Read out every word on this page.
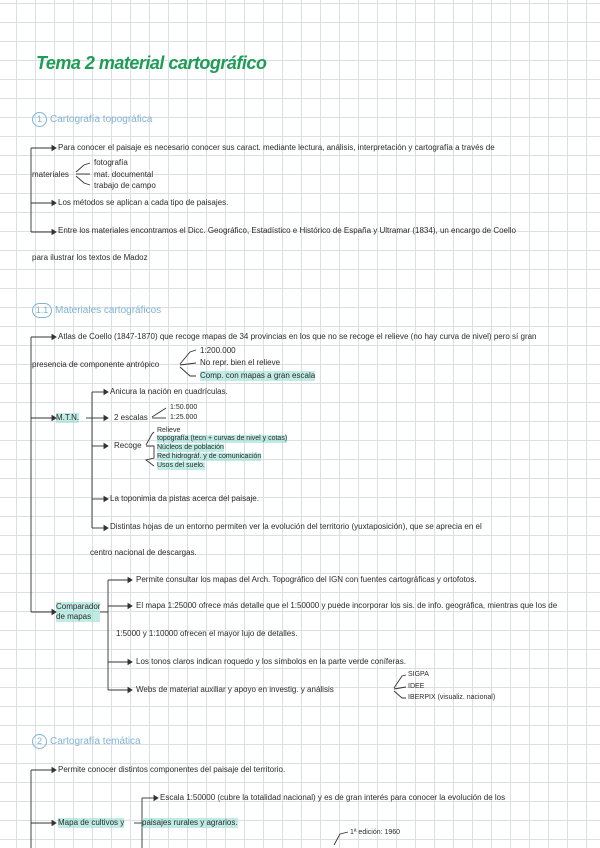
Tema 2 material cartográfico
1 Cartografía topográfica
Para conocer el paisaje es necesario conocer sus caract. mediante lectura, análisis, interpretación y cartografía a través de
materiales
fotografía
mat. documental
trabajo de campo
Los métodos se aplican a cada tipo de paisajes.
Entre los materiales encontramos el Dicc. Geográfico, Estadístico e Histórico de España y Ultramar (1834), un encargo de Coello
para ilustrar los textos de Madoz
1.1 Materiales cartográficos
Atlas de Coello (1847-1870) que recoge mapas de 34 provincias en los que no se recoge el relieve (no hay curva de nivel) pero sí gran
presencia de componente antrópico
1:200.000
No repr. bien el relieve
Comp. con mapas a gran escala
M.T.N.
Anicura la nación en cuadrículas.
2 escalas
1:50.000
1:25.000
Recoge
Relieve
topografía (tecn + curvas de nivel y cotas)
Núcleos de población
Red hidrográf. y de comunicación
Usos del suelo.
La toponimia da pistas acerca del paisaje.
Distintas hojas de un entorno permiten ver la evolución del territorio (yuxtaposición), que se aprecia en el
centro nacional de descargas.
Comparador
de mapas
Permite consultar los mapas del Arch. Topográfico del IGN con fuentes cartográficas y ortofotos.
El mapa 1:25000 ofrece más detalle que el 1:50000 y puede incorporar los sis. de info. geográfica, mientras que los de
1:5000 y 1:10000 ofrecen el mayor lujo de detalles.
Los tonos claros indican roquedo y los símbolos en la parte verde coníferas.
Webs de material auxiliar y apoyo en investig. y análisis
SIGPA
IDEE
IBERPIX (visualiz. nacional)
2 Cartografía temática
Permite conocer distintos componentes del paisaje del territorio.
Escala 1:50000 (cubre la totalidad nacional) y es de gran interés para conocer la evolución de los
Mapa de cultivos y paisajes rurales y agrarios.
1ª edición: 1960
